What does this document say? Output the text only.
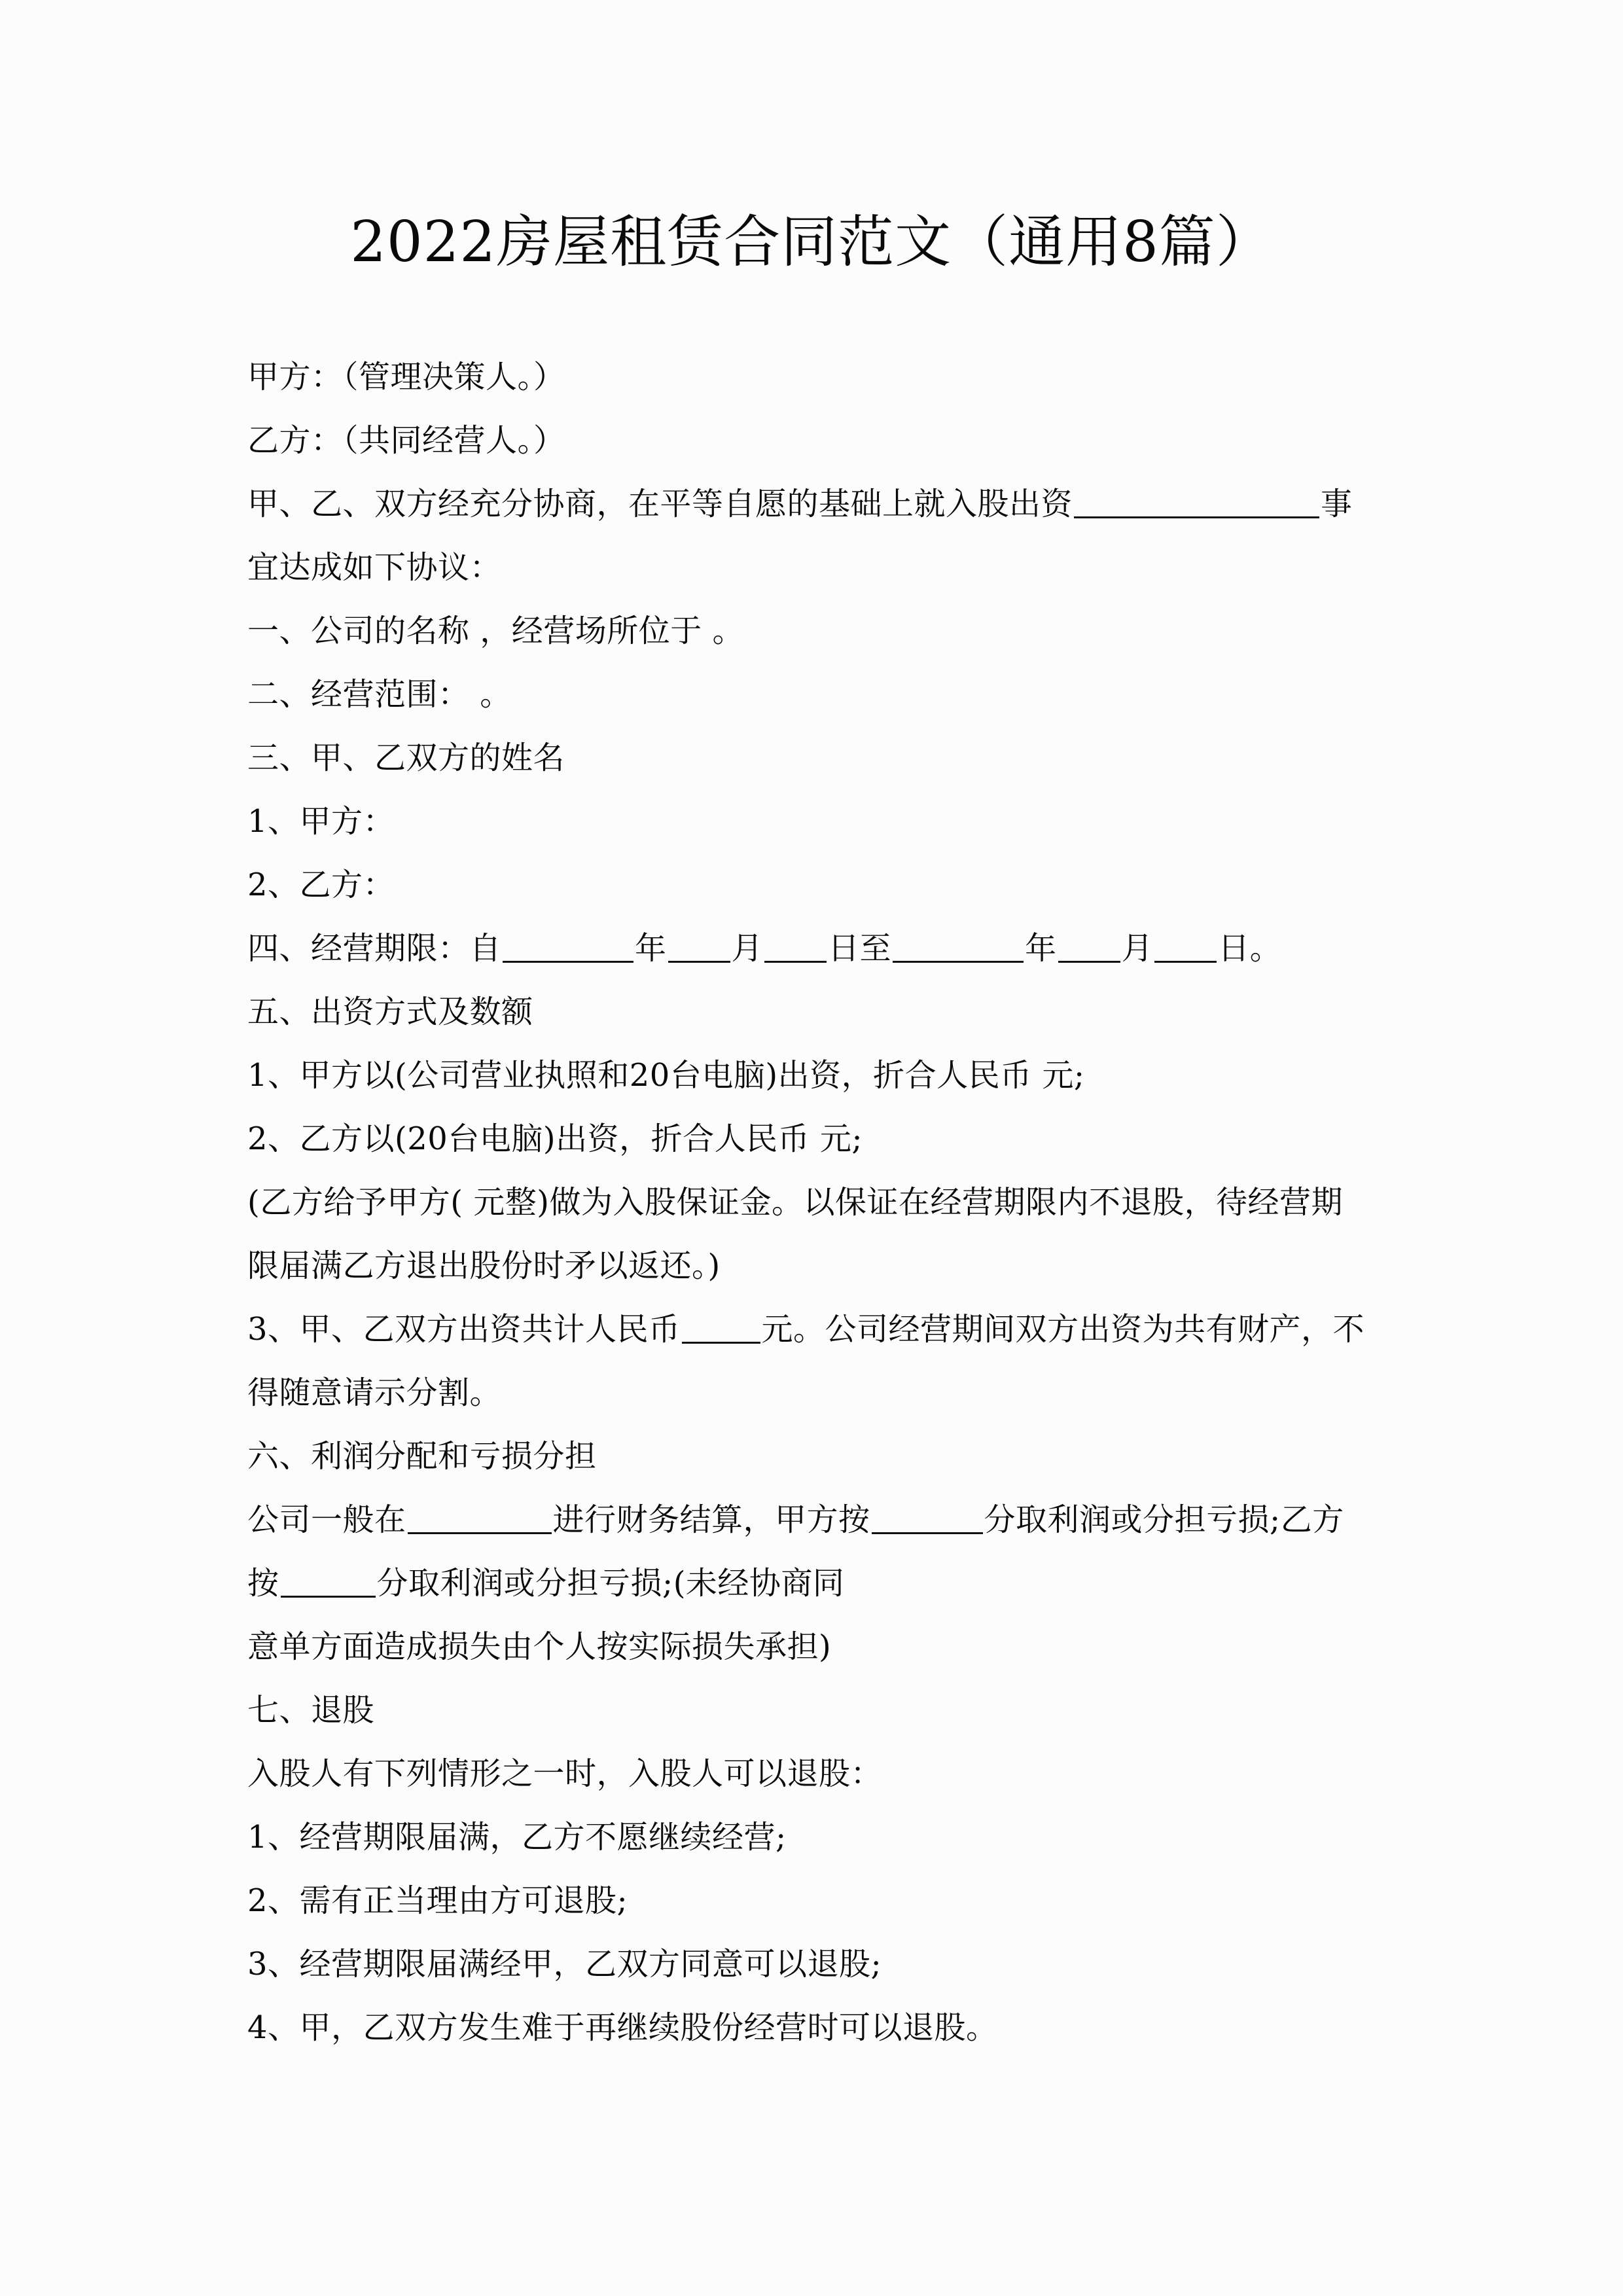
2022房屋租赁合同范文（通用8篇）
甲方：（管理决策人。）
乙方：（共同经营人。）
甲、乙、双方经充分协商，在平等自愿的基础上就入股出资	事
宜达成如下协议：
一、公司的名称 ，经营场所位于 。
二、经营范围： 。
三、甲、乙双方的姓名
1、甲方：
2、乙方：
四、经营期限：自	年 月 日至	年 月 日。
五、出资方式及数额
1、甲方以(公司营业执照和20台电脑)出资，折合人民币 元;
2、乙方以(20台电脑)出资，折合人民币 元;
(乙方给予甲方( 元整)做为入股保证金。以保证在经营期限内不退股，待经营期
限届满乙方退出股份时矛以返还。)
3、甲、乙双方出资共计人民币	元。公司经营期间双方出资为共有财产，不
得随意请示分割。
六、利润分配和亏损分担
公司一般在	进行财务结算，甲方按	分取利润或分担亏损;乙方
按	分取利润或分担亏损;(未经协商同
意单方面造成损失由个人按实际损失承担)
七、退股
入股人有下列情形之一时，入股人可以退股：
1、经营期限届满，乙方不愿继续经营;
2、需有正当理由方可退股;
3、经营期限届满经甲，乙双方同意可以退股;
4、甲，乙双方发生难于再继续股份经营时可以退股。
